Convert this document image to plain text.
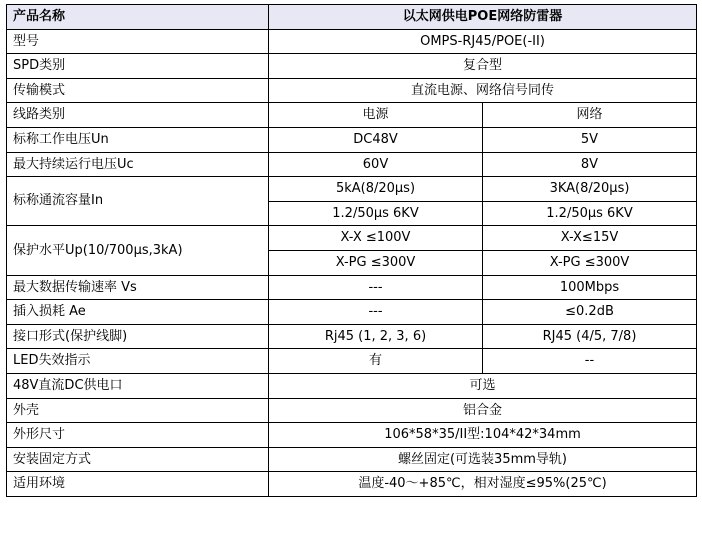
产品名称	以太网供电POE网络防雷器	
型号	OMPS-RJ45/POE(-II)	
SPD类别	复合型	
传输模式	直流电源、网络信号同传	
线路类别	电源	网络
标称工作电压Un	DC48V	5V
最大持续运行电压Uc	60V	8V
标称通流容量In	5kA(8/20μs)	3KA(8/20μs)
	1.2/50μs 6KV	1.2/50μs 6KV
保护水平Up(10/700μs,3kA)	X-X ≤100V	X-X≤15V
	X-PG ≤300V	X-PG ≤300V
最大数据传输速率 Vs	---	100Mbps
插入损耗 Ae	---	≤0.2dB
接口形式(保护线脚)	Rj45 (1, 2, 3, 6)	RJ45 (4/5, 7/8)
LED失效指示	有	--
48V直流DC供电口	可选	
外壳	铝合金	
外形尺寸	106*58*35/II型:104*42*34mm	
安装固定方式	螺丝固定(可选装35mm导轨)	
适用环境	温度-40～+85℃，相对湿度≤95%(25℃)	
